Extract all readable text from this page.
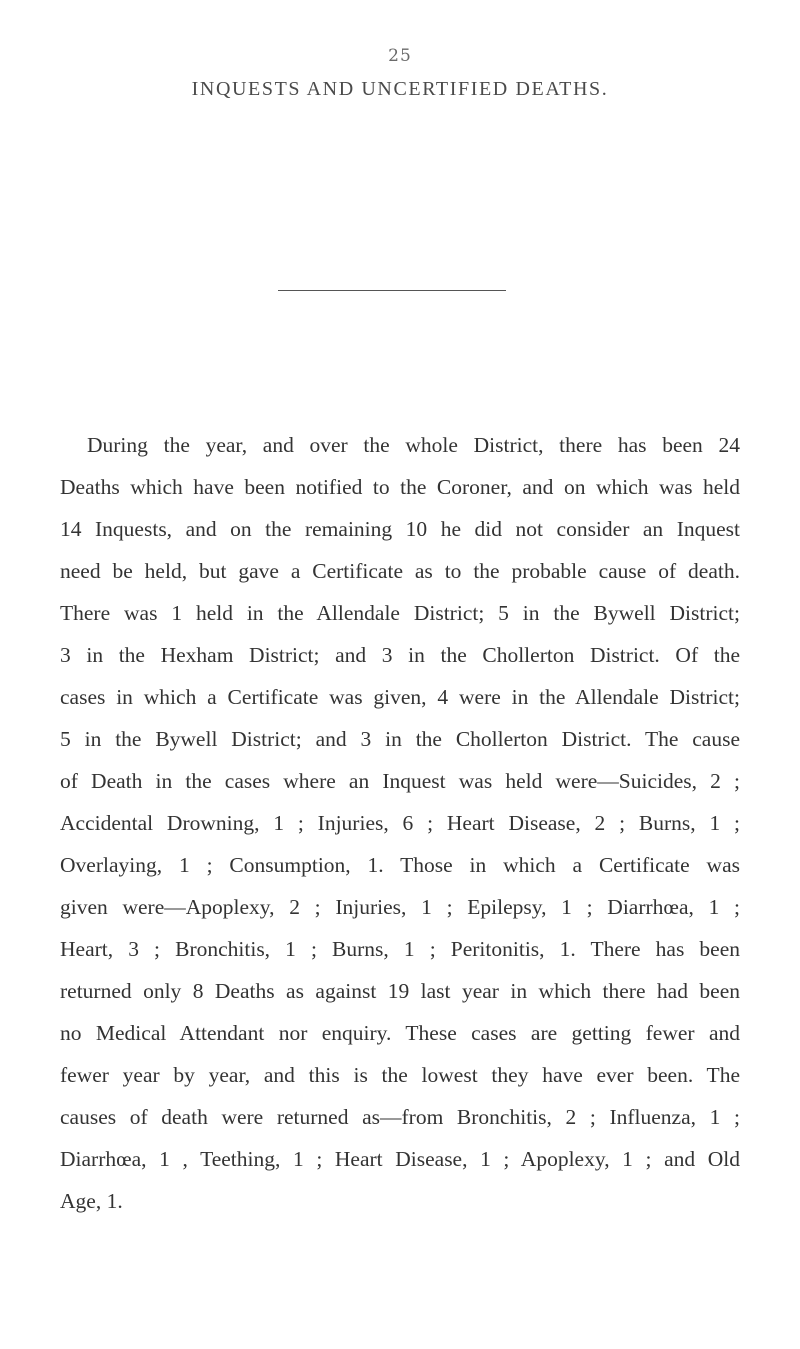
25
INQUESTS AND UNCERTIFIED DEATHS.
During the year, and over the whole District, there has been 24
Deaths which have been notified to the Coroner, and on which was held
14 Inquests, and on the remaining 10 he did not consider an Inquest
need be held, but gave a Certificate as to the probable cause of death.
There was 1 held in the Allendale District; 5 in the Bywell District;
3 in the Hexham District; and 3 in the Chollerton District. Of the
cases in which a Certificate was given, 4 were in the Allendale District;
5 in the Bywell District; and 3 in the Chollerton District. The cause
of Death in the cases where an Inquest was held were—Suicides, 2 ;
Accidental Drowning, 1 ; Injuries, 6 ; Heart Disease, 2 ; Burns, 1 ;
Overlaying, 1 ; Consumption, 1. Those in which a Certificate was
given were—Apoplexy, 2 ; Injuries, 1 ; Epilepsy, 1 ; Diarrhœa, 1 ;
Heart, 3 ; Bronchitis, 1 ; Burns, 1 ; Peritonitis, 1. There has been
returned only 8 Deaths as against 19 last year in which there had been
no Medical Attendant nor enquiry. These cases are getting fewer and
fewer year by year, and this is the lowest they have ever been. The
causes of death were returned as—from Bronchitis, 2 ; Influenza, 1 ;
Diarrhœa, 1 , Teething, 1 ; Heart Disease, 1 ; Apoplexy, 1 ; and Old
Age, 1.
